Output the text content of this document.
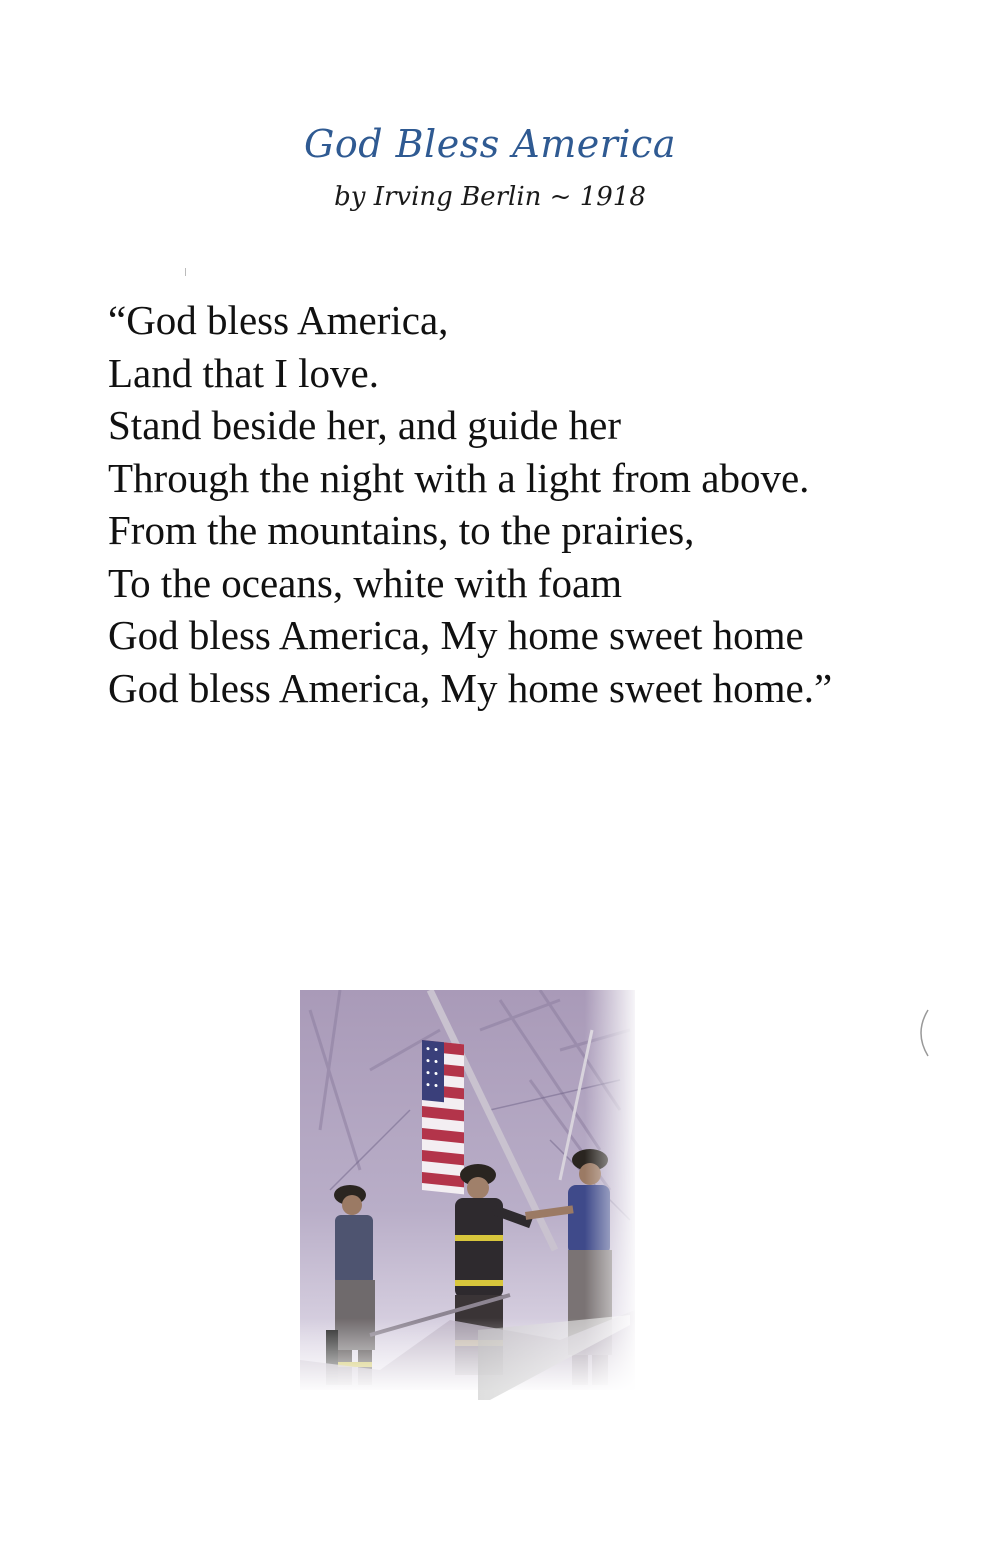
God Bless America
by Irving Berlin ~ 1918
“God bless America,
Land that I love.
Stand beside her, and guide her
Through the night with a light from above.
From the mountains, to the prairies,
To the oceans, white with foam
God bless America, My home sweet home
God bless America, My home sweet home.”
